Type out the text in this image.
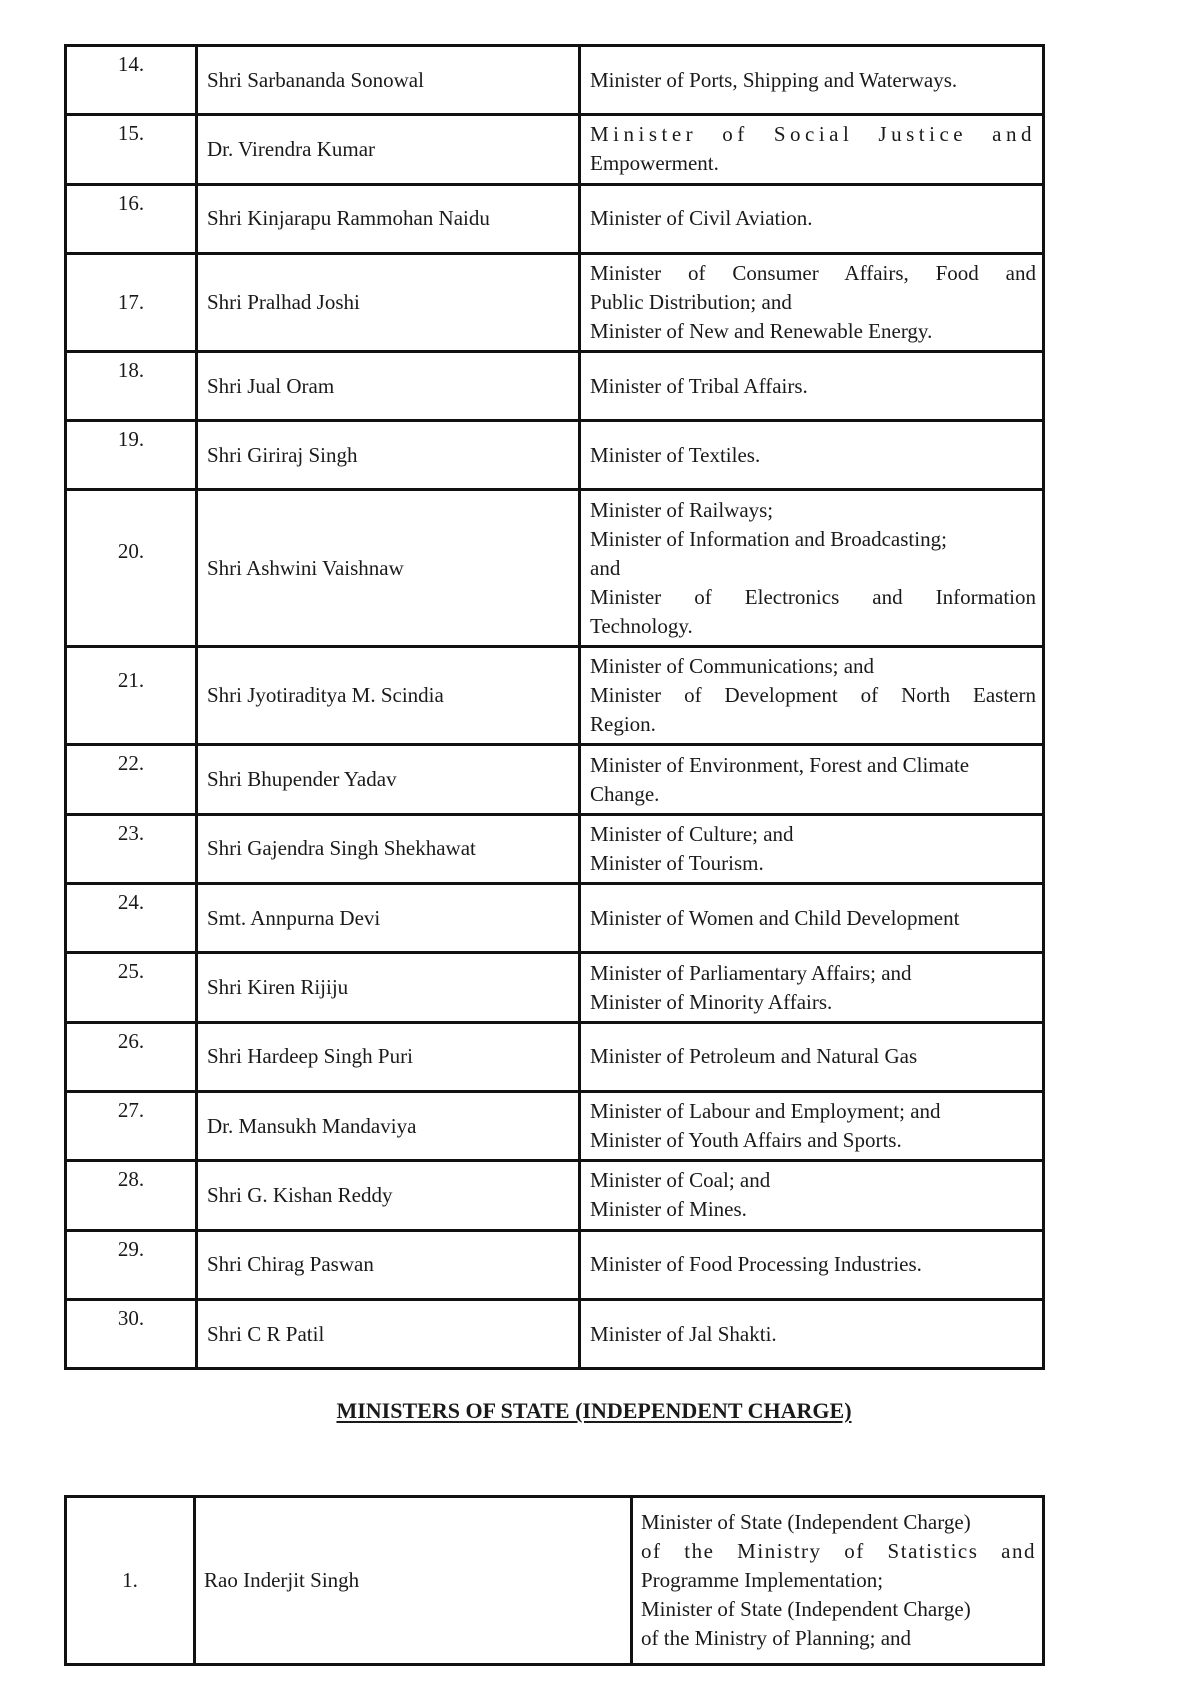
14.	Shri Sarbananda Sonowal	Minister of Ports, Shipping and Waterways.

15.	Dr. Virendra Kumar	Minister of Social Justice and
Empowerment.

16.	Shri Kinjarapu Rammohan Naidu	Minister of Civil Aviation.

17.	Shri Pralhad Joshi	Minister of Consumer Affairs, Food and
Public Distribution; and
Minister of New and Renewable Energy.

18.	Shri Jual Oram	Minister of Tribal Affairs.

19.	Shri Giriraj Singh	Minister of Textiles.

20.	Shri Ashwini Vaishnaw	Minister of Railways;
Minister of Information and Broadcasting;
and
Minister of Electronics and Information
Technology.

21.	Shri Jyotiraditya M. Scindia	Minister of Communications; and
Minister of Development of North Eastern
Region.

22.	Shri Bhupender Yadav	Minister of Environment, Forest and Climate
Change.

23.	Shri Gajendra Singh Shekhawat	Minister of Culture; and
Minister of Tourism.

24.	Smt. Annpurna Devi	Minister of Women and Child Development

25.	Shri Kiren Rijiju	Minister of Parliamentary Affairs; and
Minister of Minority Affairs.

26.	Shri Hardeep Singh Puri	Minister of Petroleum and Natural Gas

27.	Dr. Mansukh Mandaviya	Minister of Labour and Employment; and
Minister of Youth Affairs and Sports.

28.	Shri G. Kishan Reddy	Minister of Coal; and
Minister of Mines.

29.	Shri Chirag Paswan	Minister of Food Processing Industries.

30.	Shri C R Patil	Minister of Jal Shakti.
MINISTERS OF STATE (INDEPENDENT CHARGE)
1.	Rao Inderjit Singh	
Minister of State (Independent Charge)
of the Ministry of Statistics and
Programme Implementation;
Minister of State (Independent Charge)
of the Ministry of Planning; and
